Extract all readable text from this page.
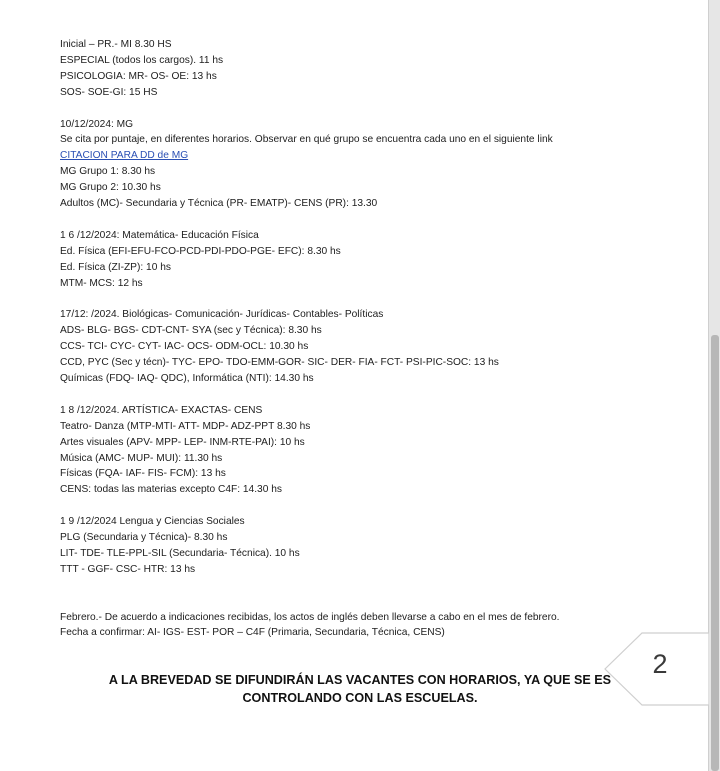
Inicial – PR.- MI 8.30 HS
ESPECIAL (todos los cargos). 11 hs
PSICOLOGIA: MR- OS- OE: 13 hs
SOS- SOE-GI: 15 HS
10/12/2024: MG
Se cita por puntaje, en diferentes horarios. Observar en qué grupo se encuentra cada uno en el siguiente link
CITACION PARA DD de MG
MG Grupo 1: 8.30 hs
MG Grupo 2: 10.30 hs
Adultos (MC)- Secundaria y Técnica (PR- EMATP)- CENS (PR): 13.30
1 6 /12/2024: Matemática- Educación Física
Ed. Física (EFI-EFU-FCO-PCD-PDI-PDO-PGE- EFC): 8.30 hs
Ed. Física (ZI-ZP): 10 hs
MTM- MCS: 12 hs
17/12: /2024. Biológicas- Comunicación- Jurídicas- Contables- Políticas
ADS- BLG- BGS- CDT-CNT- SYA (sec y Técnica): 8.30 hs
CCS- TCI- CYC- CYT- IAC- OCS- ODM-OCL: 10.30 hs
CCD, PYC (Sec y técn)- TYC- EPO- TDO-EMM-GOR- SIC- DER- FIA- FCT- PSI-PIC-SOC: 13 hs
Químicas (FDQ- IAQ- QDC), Informática (NTI): 14.30 hs
1 8 /12/2024. ARTÍSTICA- EXACTAS- CENS
Teatro- Danza (MTP-MTI- ATT- MDP- ADZ-PPT 8.30 hs
Artes visuales (APV- MPP- LEP- INM-RTE-PAI): 10 hs
Música (AMC- MUP- MUI): 11.30 hs
Físicas (FQA- IAF- FIS- FCM): 13 hs
CENS: todas las materias excepto C4F: 14.30 hs
1 9 /12/2024 Lengua y Ciencias Sociales
PLG (Secundaria y Técnica)- 8.30 hs
LIT- TDE- TLE-PPL-SIL (Secundaria- Técnica). 10 hs
TTT - GGF- CSC- HTR: 13 hs
Febrero.- De acuerdo a indicaciones recibidas, los actos de inglés deben llevarse a cabo en el mes de febrero.
Fecha a confirmar: AI- IGS- EST- POR – C4F (Primaria, Secundaria, Técnica, CENS)
A LA BREVEDAD SE DIFUNDIRÁN LAS VACANTES CON HORARIOS, YA QUE SE ES
CONTROLANDO CON LAS ESCUELAS.
2
